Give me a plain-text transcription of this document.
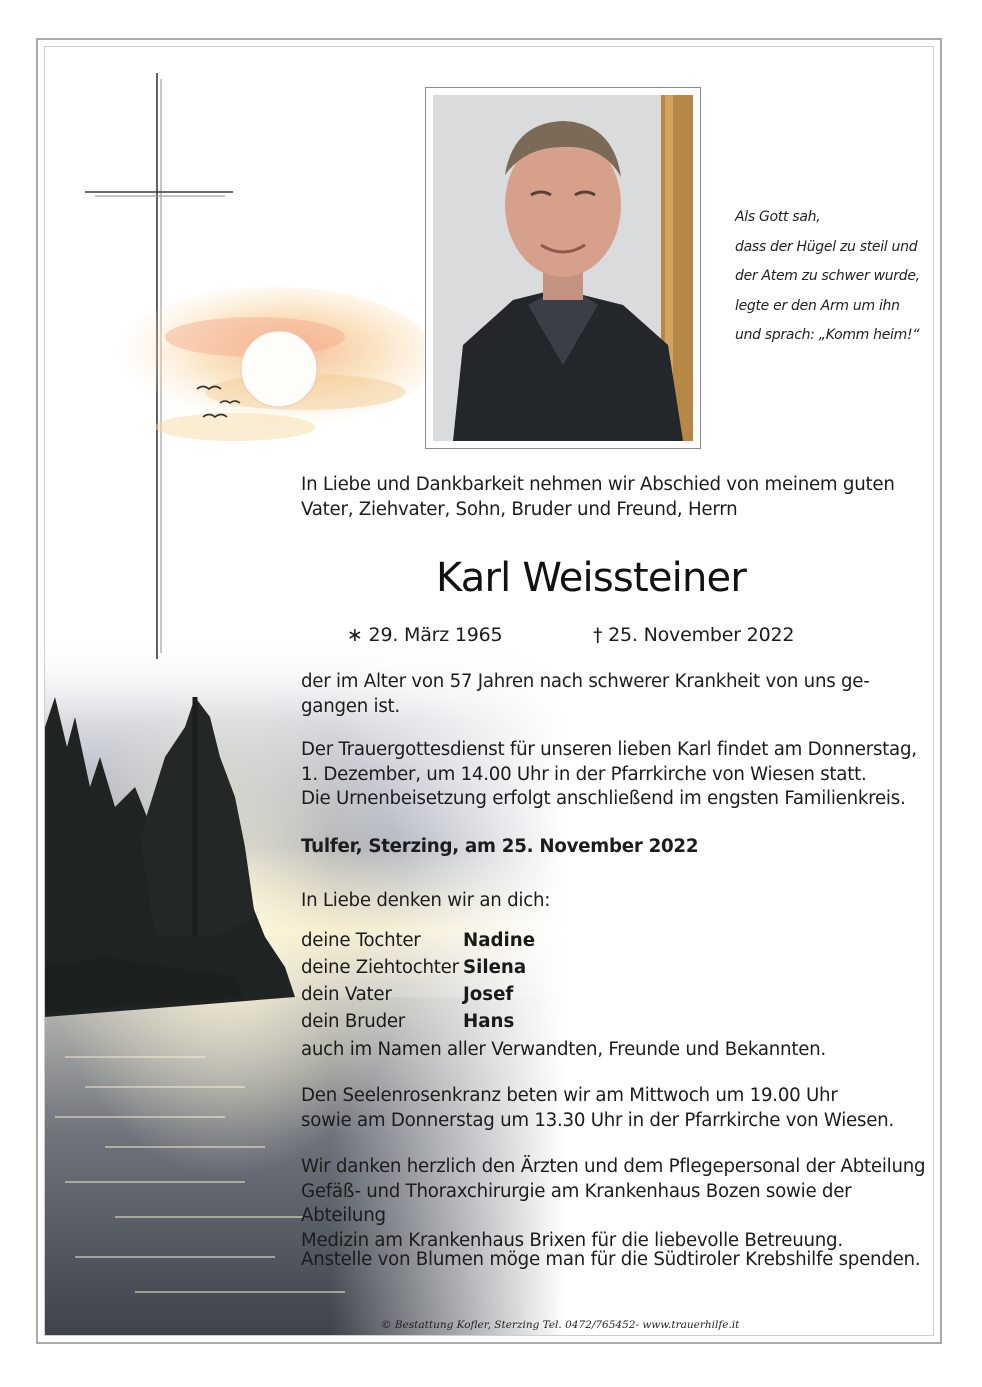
Als Gott sah,
dass der Hügel zu steil und
der Atem zu schwer wurde,
legte er den Arm um ihn
und sprach: „Komm heim!“
In Liebe und Dankbarkeit nehmen wir Abschied von meinem guten
Vater, Ziehvater, Sohn, Bruder und Freund, Herrn
Karl Weissteiner
∗ 29. März 1965	† 25. November 2022
der im Alter von 57 Jahren nach schwerer Krankheit von uns ge-
gangen ist.
Der Trauergottesdienst für unseren lieben Karl findet am Donnerstag,
1. Dezember, um 14.00 Uhr in der Pfarrkirche von Wiesen statt.
Die Urnenbeisetzung erfolgt anschließend im engsten Familienkreis.
Tulfer, Sterzing, am 25. November 2022
In Liebe denken wir an dich:
deine Tochter Nadine
deine Ziehtochter Silena
dein Vater	Josef
dein Bruder	Hans
auch im Namen aller Verwandten, Freunde und Bekannten.
Den Seelenrosenkranz beten wir am Mittwoch um 19.00 Uhr
sowie am Donnerstag um 13.30 Uhr in der Pfarrkirche von Wiesen.
Wir danken herzlich den Ärzten und dem Pflegepersonal der Abteilung
Gefäß- und Thoraxchirurgie am Krankenhaus Bozen sowie der Abteilung
Medizin am Krankenhaus Brixen für die liebevolle Betreuung.
Anstelle von Blumen möge man für die Südtiroler Krebshilfe spenden.
© Bestattung Kofler, Sterzing Tel. 0472/765452- www.trauerhilfe.it
